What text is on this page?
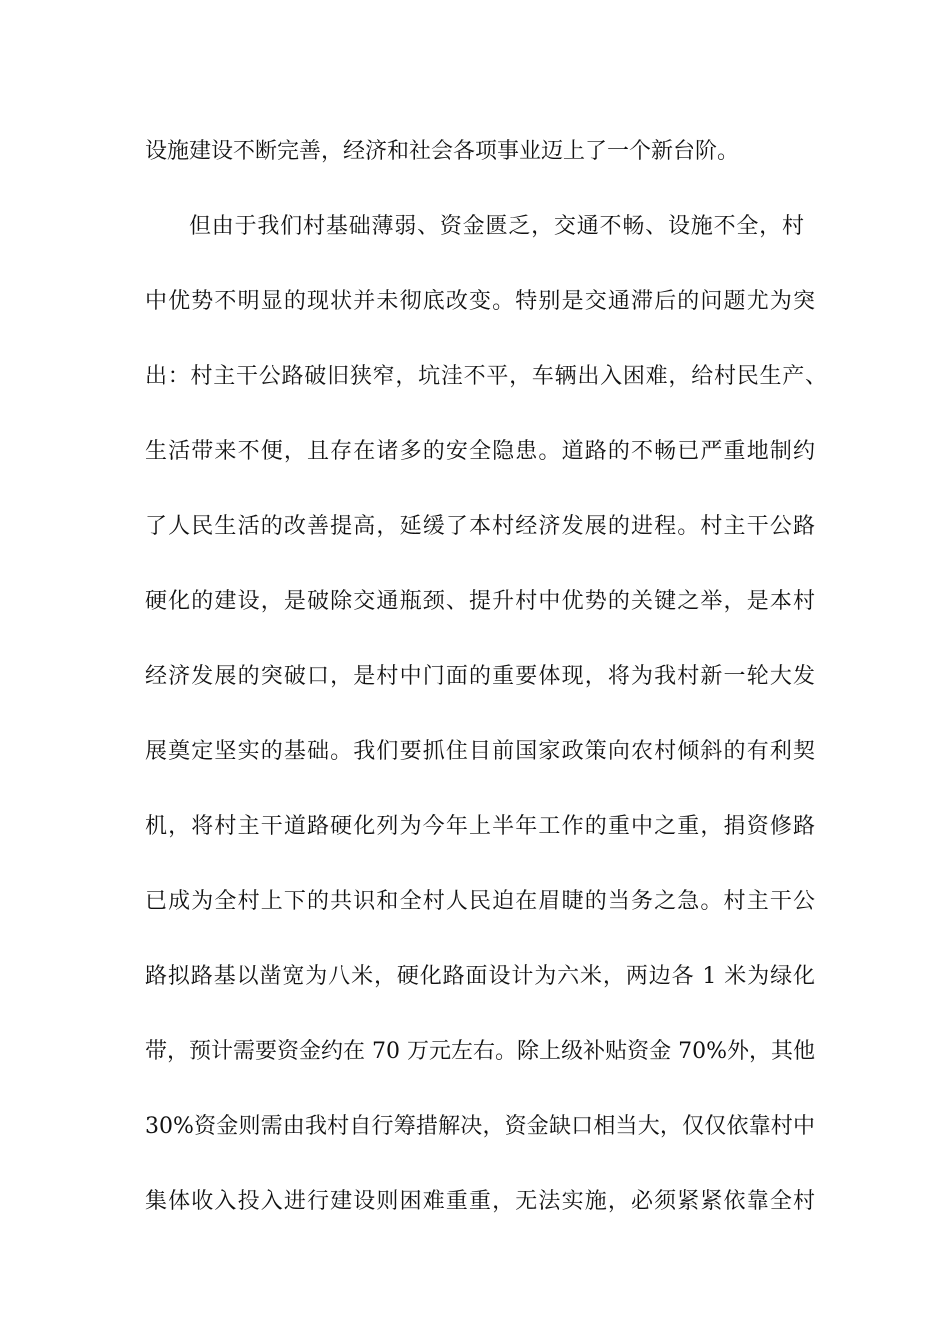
设施建设不断完善，经济和社会各项事业迈上了一个新台阶。
但由于我们村基础薄弱、资金匮乏，交通不畅、设施不全，村
中优势不明显的现状并未彻底改变。特别是交通滞后的问题尤为突
出：村主干公路破旧狭窄，坑洼不平，车辆出入困难，给村民生产、
生活带来不便，且存在诸多的安全隐患。道路的不畅已严重地制约
了人民生活的改善提高，延缓了本村经济发展的进程。村主干公路
硬化的建设，是破除交通瓶颈、提升村中优势的关键之举，是本村
经济发展的突破口，是村中门面的重要体现，将为我村新一轮大发
展奠定坚实的基础。我们要抓住目前国家政策向农村倾斜的有利契
机，将村主干道路硬化列为今年上半年工作的重中之重，捐资修路
已成为全村上下的共识和全村人民迫在眉睫的当务之急。村主干公
路拟路基以凿宽为八米，硬化路面设计为六米，两边各 1 米为绿化
带，预计需要资金约在 70 万元左右。除上级补贴资金 70%外，其他
30%资金则需由我村自行筹措解决，资金缺口相当大，仅仅依靠村中
集体收入投入进行建设则困难重重，无法实施，必须紧紧依靠全村
